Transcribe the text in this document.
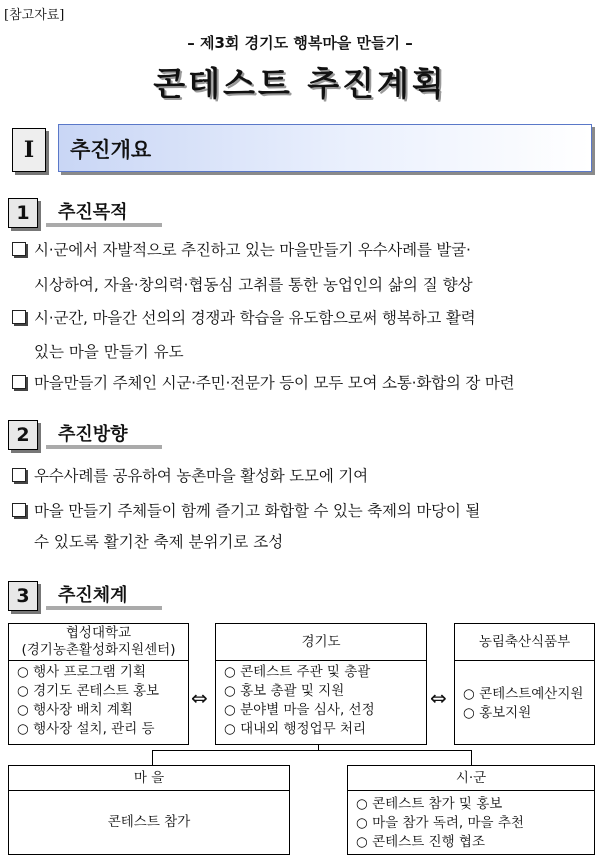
[참고자료]
– 제3회 경기도 행복마을 만들기 –
콘테스트 추진계획
Ⅰ	추진개요
1	추진목적
시·군에서 자발적으로 추진하고 있는 마을만들기 우수사례를 발굴·
시상하여, 자율·창의력·협동심 고취를 통한 농업인의 삶의 질 향상
시·군간, 마을간 선의의 경쟁과 학습을 유도함으로써 행복하고 활력
있는 마을 만들기 유도
마을만들기 주체인 시군·주민·전문가 등이 모두 모여 소통·화합의 장 마련
2	추진방향
우수사례를 공유하여 농촌마을 활성화 도모에 기여
마을 만들기 주체들이 함께 즐기고 화합할 수 있는 축제의 마당이 될
수 있도록 활기찬 축제 분위기로 조성
3	추진체계
협성대학교
(경기농촌활성화지원센터)
○ 행사 프로그램 기획
○ 경기도 콘테스트 홍보
○ 행사장 배치 계획
○ 행사장 설치, 관리 등
⇔
경기도
○ 콘테스트 주관 및 총괄
○ 홍보 총괄 및 지원
○ 분야별 마을 심사, 선정
○ 대내외 행정업무 처리
⇔
농림축산식품부
○ 콘테스트예산지원
○ 홍보지원
마 을
콘테스트 참가
시·군
○ 콘테스트 참가 및 홍보
○ 마을 참가 독려, 마을 추천
○ 콘테스트 진행 협조
